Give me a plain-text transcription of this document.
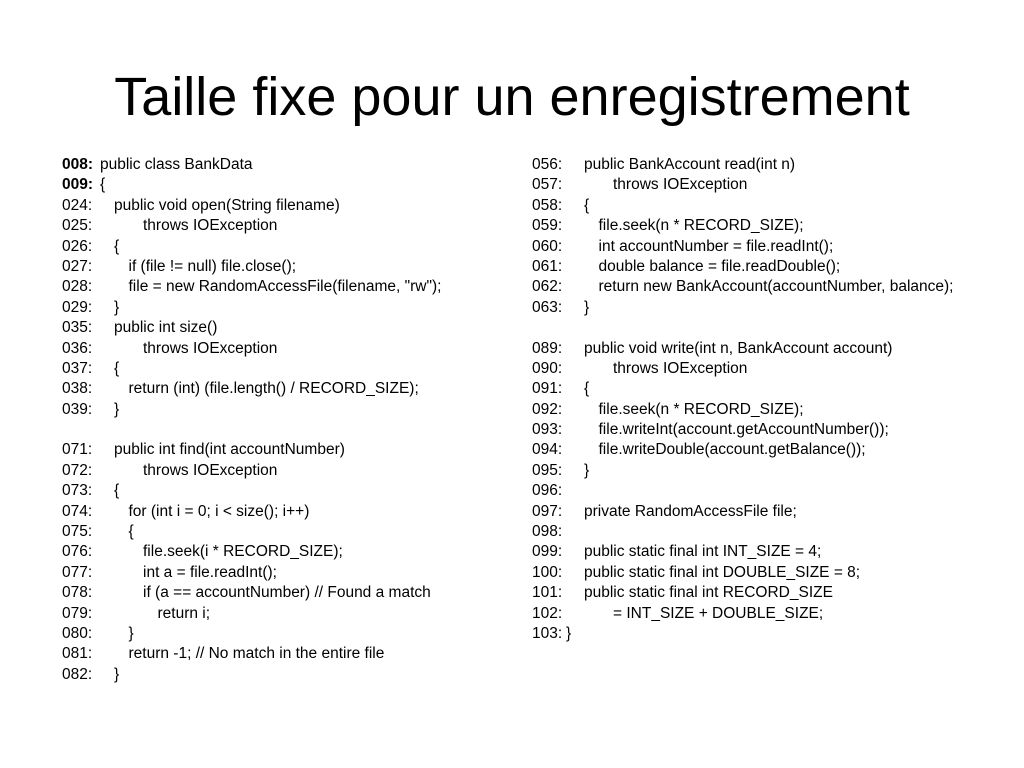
Taille fixe pour un enregistrement
008: public class BankData
009: {
024: public void open(String filename)
025:	throws IOException
026: {
027: if (file != null) file.close();
028: file = new RandomAccessFile(filename, "rw");
029: }
035: public int size()
036:	throws IOException
037: {
038: return (int) (file.length() / RECORD_SIZE);
039: }
071: public int find(int accountNumber)
072:	throws IOException
073: {
074: for (int i = 0; i < size(); i++)
075: {
076:	file.seek(i * RECORD_SIZE);
077:	int a = file.readInt();
078:	if (a == accountNumber) // Found a match
079:	return i;
080: }
081: return -1; // No match in the entire file
082: }
056: public BankAccount read(int n)
057:	throws IOException
058: {
059: file.seek(n * RECORD_SIZE);
060: int accountNumber = file.readInt();
061: double balance = file.readDouble();
062: return new BankAccount(accountNumber, balance);
063: }
089: public void write(int n, BankAccount account)
090:	throws IOException
091: {
092: file.seek(n * RECORD_SIZE);
093: file.writeInt(account.getAccountNumber());
094: file.writeDouble(account.getBalance());
095: }
096:
097: private RandomAccessFile file;
098:
099: public static final int INT_SIZE = 4;
100: public static final int DOUBLE_SIZE = 8;
101: public static final int RECORD_SIZE
102:	= INT_SIZE + DOUBLE_SIZE;
103: }
